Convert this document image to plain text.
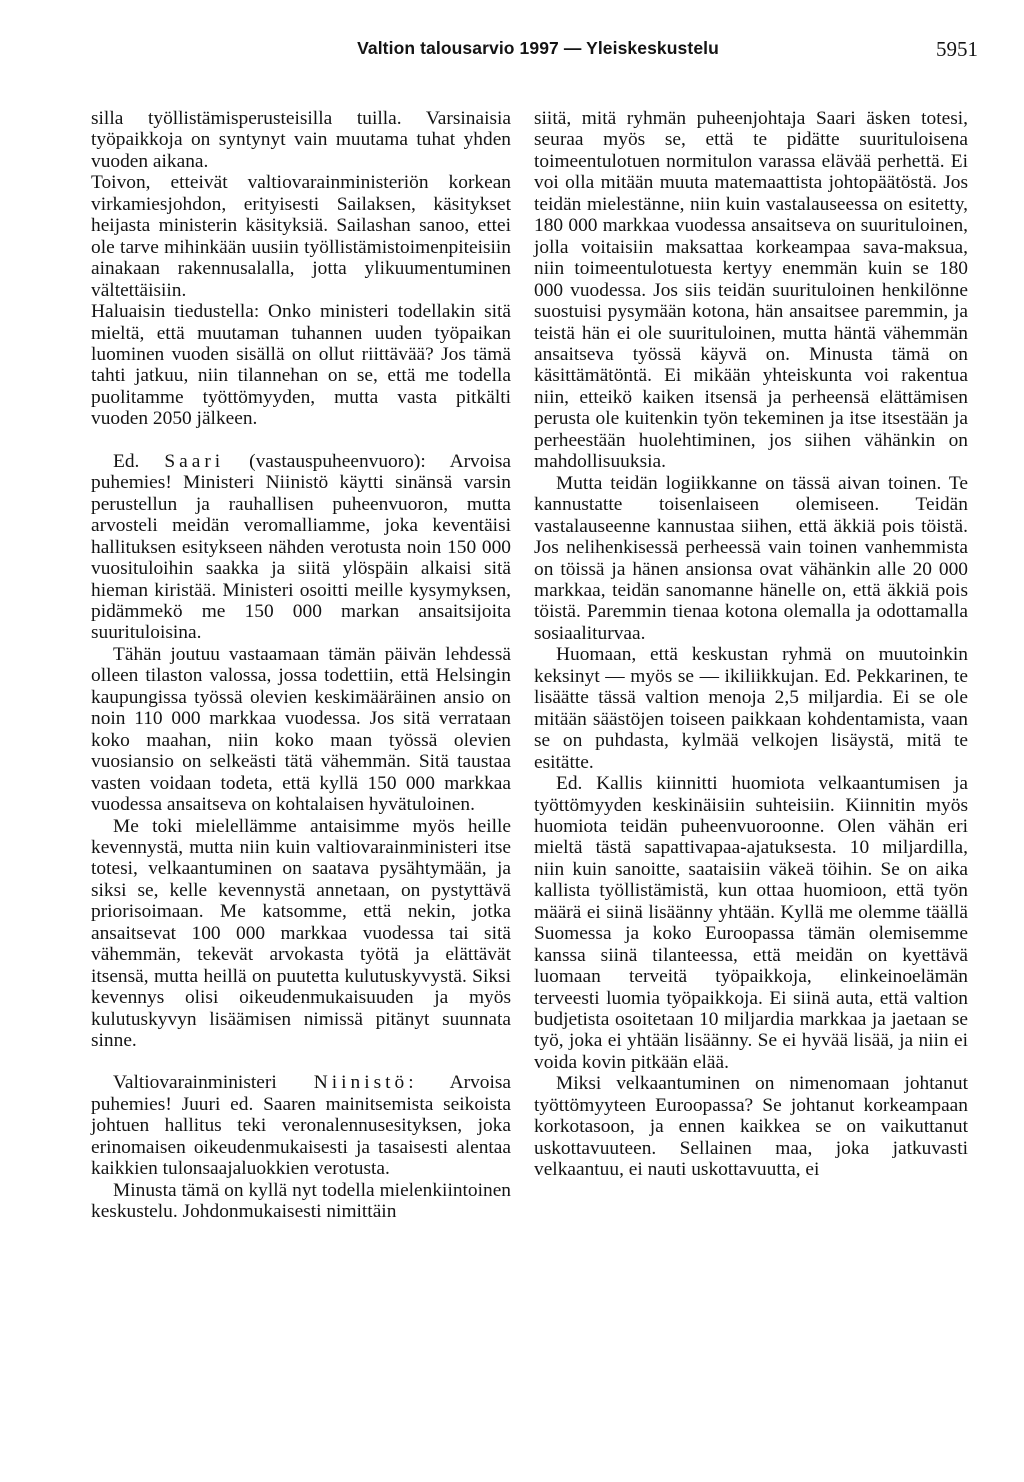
Valtion talousarvio 1997 — Yleiskeskustelu	5951

silla työllistämisperusteisilla tuilla. Varsinaisia työpaikkoja on syntynyt vain muutama tuhat yhden vuoden aikana.

Toivon, etteivät valtiovarainministeriön korkean virkamiesjohdon, erityisesti Sailaksen, käsitykset heijasta ministerin käsityksiä. Sailashan sanoo, ettei ole tarve mihinkään uusiin työllistämistoimenpiteisiin ainakaan rakennusalalla, jotta ylikuumentuminen vältettäisiin.

Haluaisin tiedustella: Onko ministeri todellakin sitä mieltä, että muutaman tuhannen uuden työpaikan luominen vuoden sisällä on ollut riittävää? Jos tämä tahti jatkuu, niin tilannehan on se, että me todella puolitamme työttömyyden, mutta vasta pitkälti vuoden 2050 jälkeen.

Ed. Saari (vastauspuheenvuoro): Arvoisa puhemies! Ministeri Niinistö käytti sinänsä varsin perustellun ja rauhallisen puheenvuoron, mutta arvosteli meidän veromalliamme, joka keventäisi hallituksen esitykseen nähden verotusta noin 150 000 vuosituloihin saakka ja siitä ylöspäin alkaisi sitä hieman kiristää. Ministeri osoitti meille kysymyksen, pidämmekö me 150 000 markan ansaitsijoita suurituloisina.

Tähän joutuu vastaamaan tämän päivän lehdessä olleen tilaston valossa, jossa todettiin, että Helsingin kaupungissa työssä olevien keskimääräinen ansio on noin 110 000 markkaa vuodessa. Jos sitä verrataan koko maahan, niin koko maan työssä olevien vuosiansio on selkeästi tätä vähemmän. Sitä taustaa vasten voidaan todeta, että kyllä 150 000 markkaa vuodessa ansaitseva on kohtalaisen hyvätuloinen.

Me toki mielellämme antaisimme myös heille kevennystä, mutta niin kuin valtiovarainministeri itse totesi, velkaantuminen on saatava pysähtymään, ja siksi se, kelle kevennystä annetaan, on pystyttävä priorisoimaan. Me katsomme, että nekin, jotka ansaitsevat 100 000 markkaa vuodessa tai sitä vähemmän, tekevät arvokasta työtä ja elättävät itsensä, mutta heillä on puutetta kulutuskyvystä. Siksi kevennys olisi oikeudenmukaisuuden ja myös kulutuskyvyn lisäämisen nimissä pitänyt suunnata sinne.

Valtiovarainministeri Niinistö: Arvoisa puhemies! Juuri ed. Saaren mainitsemista seikoista johtuen hallitus teki veronalennusesityksen, joka erinomaisen oikeudenmukaisesti ja tasaisesti alentaa kaikkien tulonsaajaluokkien verotusta.

Minusta tämä on kyllä nyt todella mielenkiintoinen keskustelu. Johdonmukaisesti nimittäin

siitä, mitä ryhmän puheenjohtaja Saari äsken totesi, seuraa myös se, että te pidätte suurituloisena toimeentulotuen normitulon varassa elävää perhettä. Ei voi olla mitään muuta matemaattista johtopäätöstä. Jos teidän mielestänne, niin kuin vastalauseessa on esitetty, 180 000 markkaa vuodessa ansaitseva on suurituloinen, jolla voitaisiin maksattaa korkeampaa sava-maksua, niin toimeentulotuesta kertyy enemmän kuin se 180 000 vuodessa. Jos siis teidän suurituloinen henkilönne suostuisi pysymään kotona, hän ansaitsee paremmin, ja teistä hän ei ole suurituloinen, mutta häntä vähemmän ansaitseva työssä käyvä on. Minusta tämä on käsittämätöntä. Ei mikään yhteiskunta voi rakentua niin, etteikö kaiken itsensä ja perheensä elättämisen perusta ole kuitenkin työn tekeminen ja itse itsestään ja perheestään huolehtiminen, jos siihen vähänkin on mahdollisuuksia.

Mutta teidän logiikkanne on tässä aivan toinen. Te kannustatte toisenlaiseen olemiseen. Teidän vastalauseenne kannustaa siihen, että äkkiä pois töistä. Jos nelihenkisessä perheessä vain toinen vanhemmista on töissä ja hänen ansionsa ovat vähänkin alle 20 000 markkaa, teidän sanomanne hänelle on, että äkkiä pois töistä. Paremmin tienaa kotona olemalla ja odottamalla sosiaaliturvaa.

Huomaan, että keskustan ryhmä on muutoinkin keksinyt — myös se — ikiliikkujan. Ed. Pekkarinen, te lisäätte tässä valtion menoja 2,5 miljardia. Ei se ole mitään säästöjen toiseen paikkaan kohdentamista, vaan se on puhdasta, kylmää velkojen lisäystä, mitä te esitätte.

Ed. Kallis kiinnitti huomiota velkaantumisen ja työttömyyden keskinäisiin suhteisiin. Kiinnitin myös huomiota teidän puheenvuoroonne. Olen vähän eri mieltä tästä sapattivapaa-ajatuksesta. 10 miljardilla, niin kuin sanoitte, saataisiin väkeä töihin. Se on aika kallista työllistämistä, kun ottaa huomioon, että työn määrä ei siinä lisäänny yhtään. Kyllä me olemme täällä Suomessa ja koko Euroopassa tämän olemisemme kanssa siinä tilanteessa, että meidän on kyettävä luomaan terveitä työpaikkoja, elinkeinoelämän terveesti luomia työpaikkoja. Ei siinä auta, että valtion budjetista osoitetaan 10 miljardia markkaa ja jaetaan se työ, joka ei yhtään lisäänny. Se ei hyvää lisää, ja niin ei voida kovin pitkään elää.

Miksi velkaantuminen on nimenomaan johtanut työttömyyteen Euroopassa? Se johtanut korkeampaan korkotasoon, ja ennen kaikkea se on vaikuttanut uskottavuuteen. Sellainen maa, joka jatkuvasti velkaantuu, ei nauti uskottavuutta, ei
